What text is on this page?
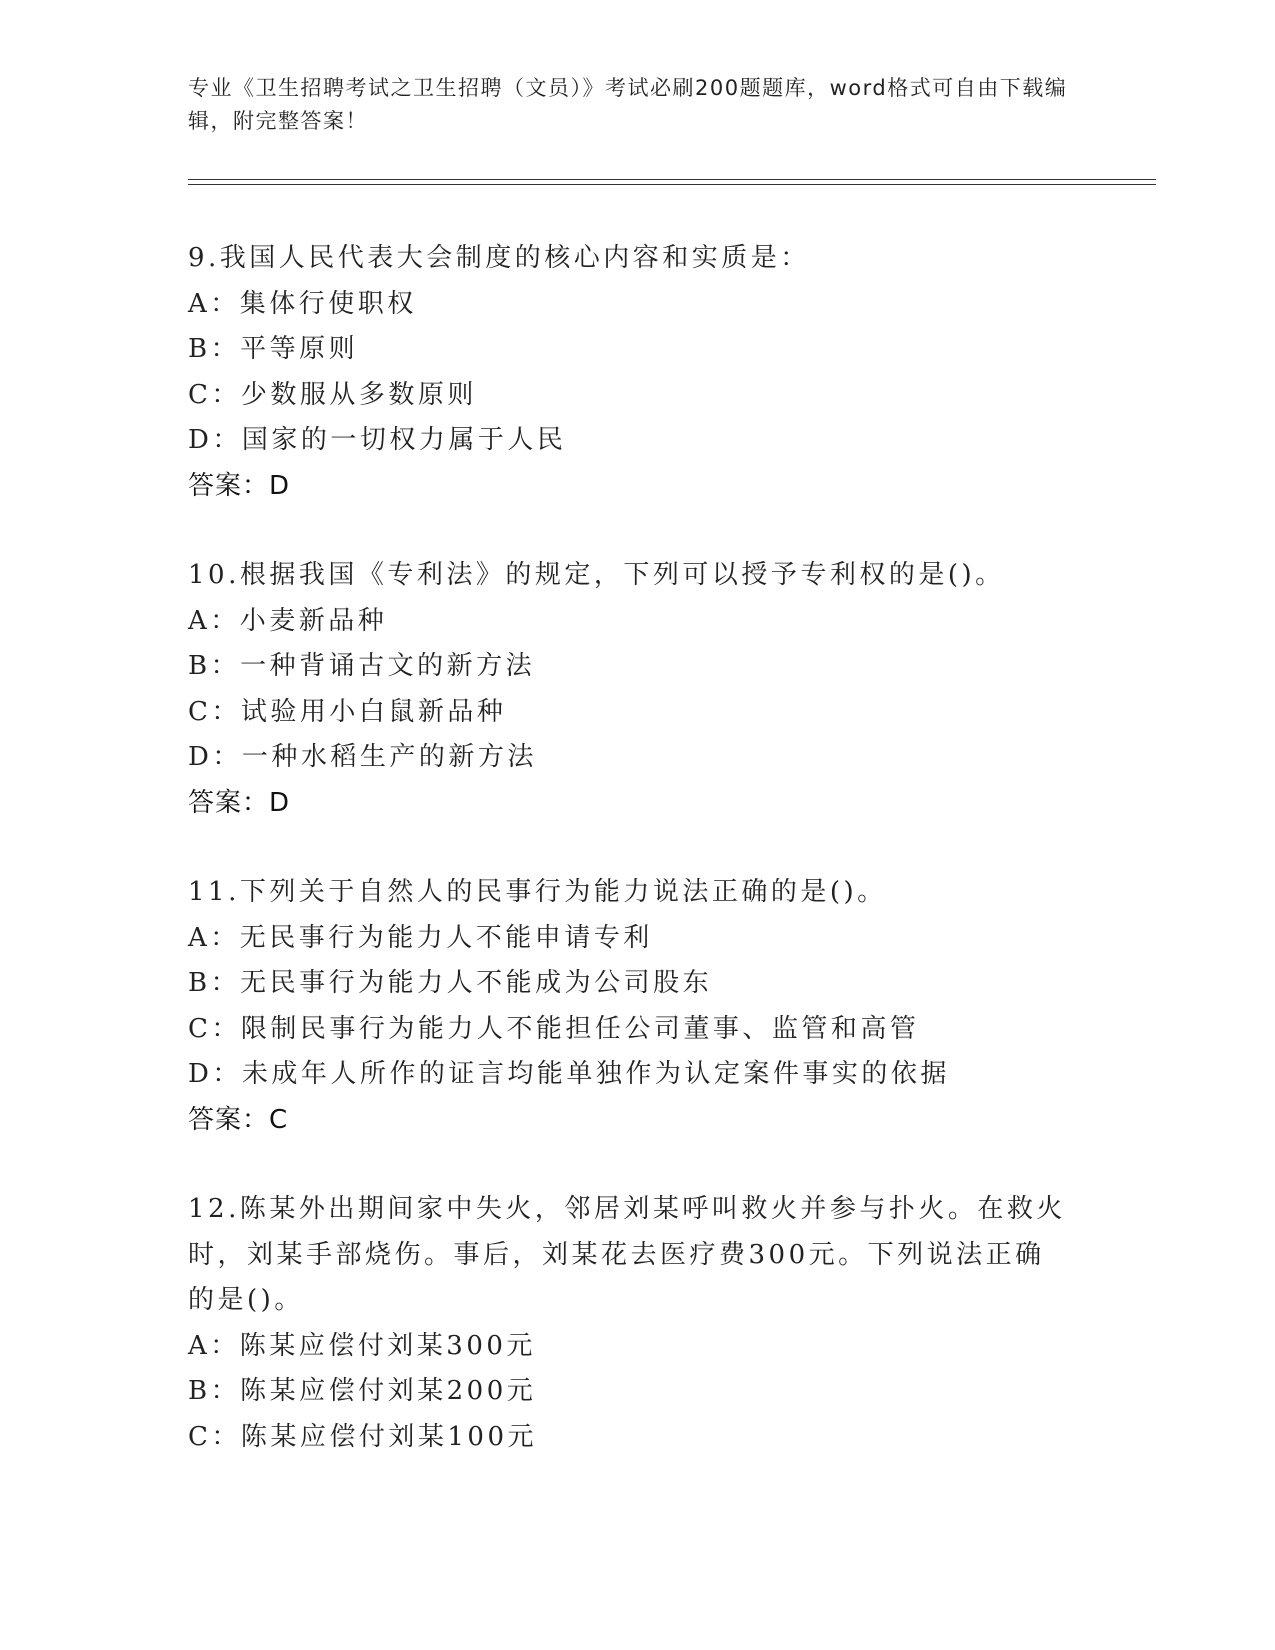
专业《卫生招聘考试之卫生招聘（文员）》考试必刷200题题库，word格式可自由下载编辑，附完整答案！
9.我国人民代表大会制度的核心内容和实质是：
A：集体行使职权
B：平等原则
C：少数服从多数原则
D：国家的一切权力属于人民
答案：D
10.根据我国《专利法》的规定，下列可以授予专利权的是()。
A：小麦新品种
B：一种背诵古文的新方法
C：试验用小白鼠新品种
D：一种水稻生产的新方法
答案：D
11.下列关于自然人的民事行为能力说法正确的是()。
A：无民事行为能力人不能申请专利
B：无民事行为能力人不能成为公司股东
C：限制民事行为能力人不能担任公司董事、监管和高管
D：未成年人所作的证言均能单独作为认定案件事实的依据
答案：C
12.陈某外出期间家中失火，邻居刘某呼叫救火并参与扑火。在救火时，刘某手部烧伤。事后，刘某花去医疗费300元。下列说法正确的是()。
A：陈某应偿付刘某300元
B：陈某应偿付刘某200元
C：陈某应偿付刘某100元
